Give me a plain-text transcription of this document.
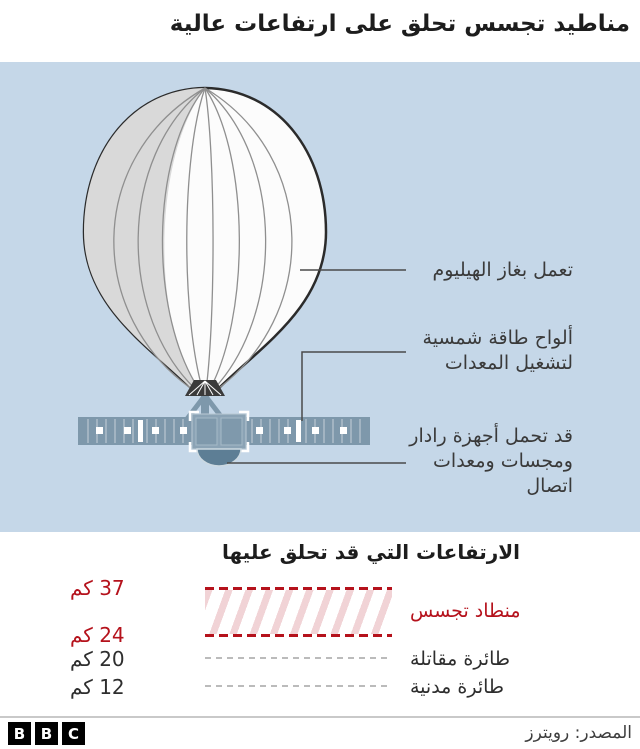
مناطيد تجسس تحلق على ارتفاعات عالية
تعمل بغاز الهيليوم
ألواح طاقة شمسية
لتشغيل المعدات
قد تحمل أجهزة رادار
ومجسات ومعدات
اتصال
الارتفاعات التي قد تحلق عليها
37 كم
24 كم
20 كم
12 كم
منطاد تجسس
طائرة مقاتلة
طائرة مدنية
B	B	C	المصدر: رويترز
